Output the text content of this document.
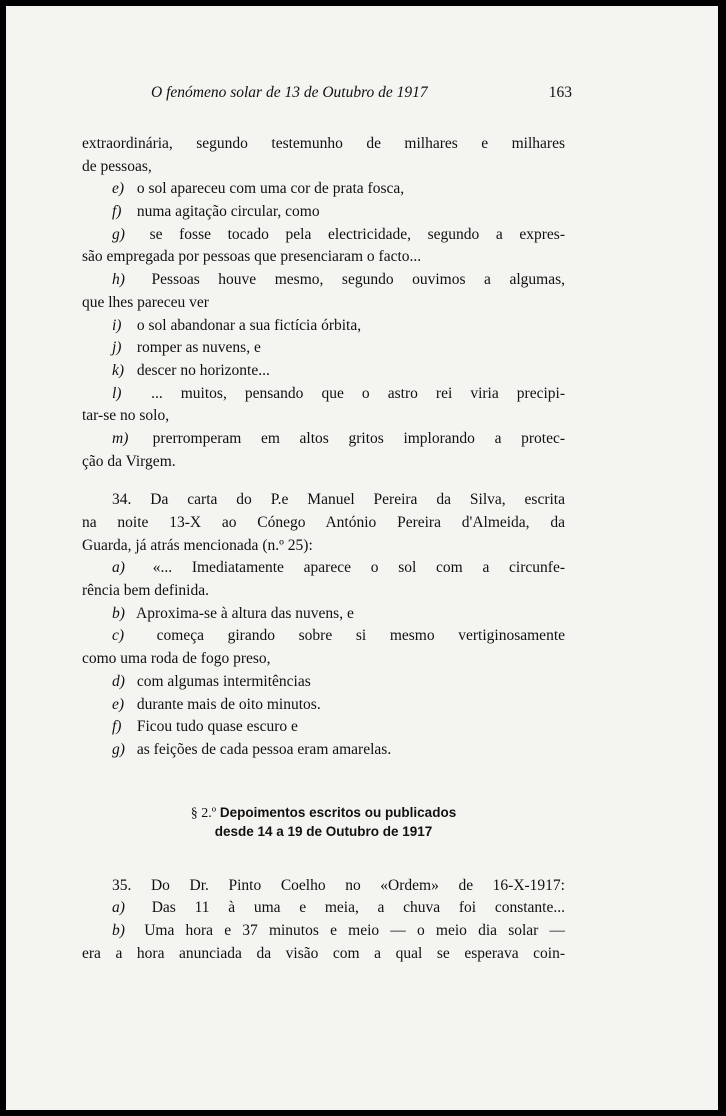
O fenómeno solar de 13 de Outubro de 1917	163
extraordinária, segundo testemunho de milhares e milhares
de pessoas,
e) o sol apareceu com uma cor de prata fosca,
f) numa agitação circular, como
g) se fosse tocado pela electricidade, segundo a expres-
são empregada por pessoas que presenciaram o facto...
h) Pessoas houve mesmo, segundo ouvimos a algumas,
que lhes pareceu ver
i) o sol abandonar a sua fictícia órbita,
j) romper as nuvens, e
k) descer no horizonte...
l) ... muitos, pensando que o astro rei viria precipi-
tar-se no solo,
m) prerromperam em altos gritos implorando a protec-
ção da Virgem.
34. Da carta do P.e Manuel Pereira da Silva, escrita
na noite 13-X ao Cónego António Pereira d'Almeida, da
Guarda, já atrás mencionada (n.º 25):
a) «... Imediatamente aparece o sol com a circunfe-
rência bem definida.
b) Aproxima-se à altura das nuvens, e
c) começa girando sobre si mesmo vertiginosamente
como uma roda de fogo preso,
d) com algumas intermitências
e) durante mais de oito minutos.
f) Ficou tudo quase escuro e
g) as feições de cada pessoa eram amarelas.
§ 2.º Depoimentos escritos ou publicados
desde 14 a 19 de Outubro de 1917
35. Do Dr. Pinto Coelho no «Ordem» de 16-X-1917:
a) Das 11 à uma e meia, a chuva foi constante...
b) Uma hora e 37 minutos e meio — o meio dia solar —
era a hora anunciada da visão com a qual se esperava coin-
